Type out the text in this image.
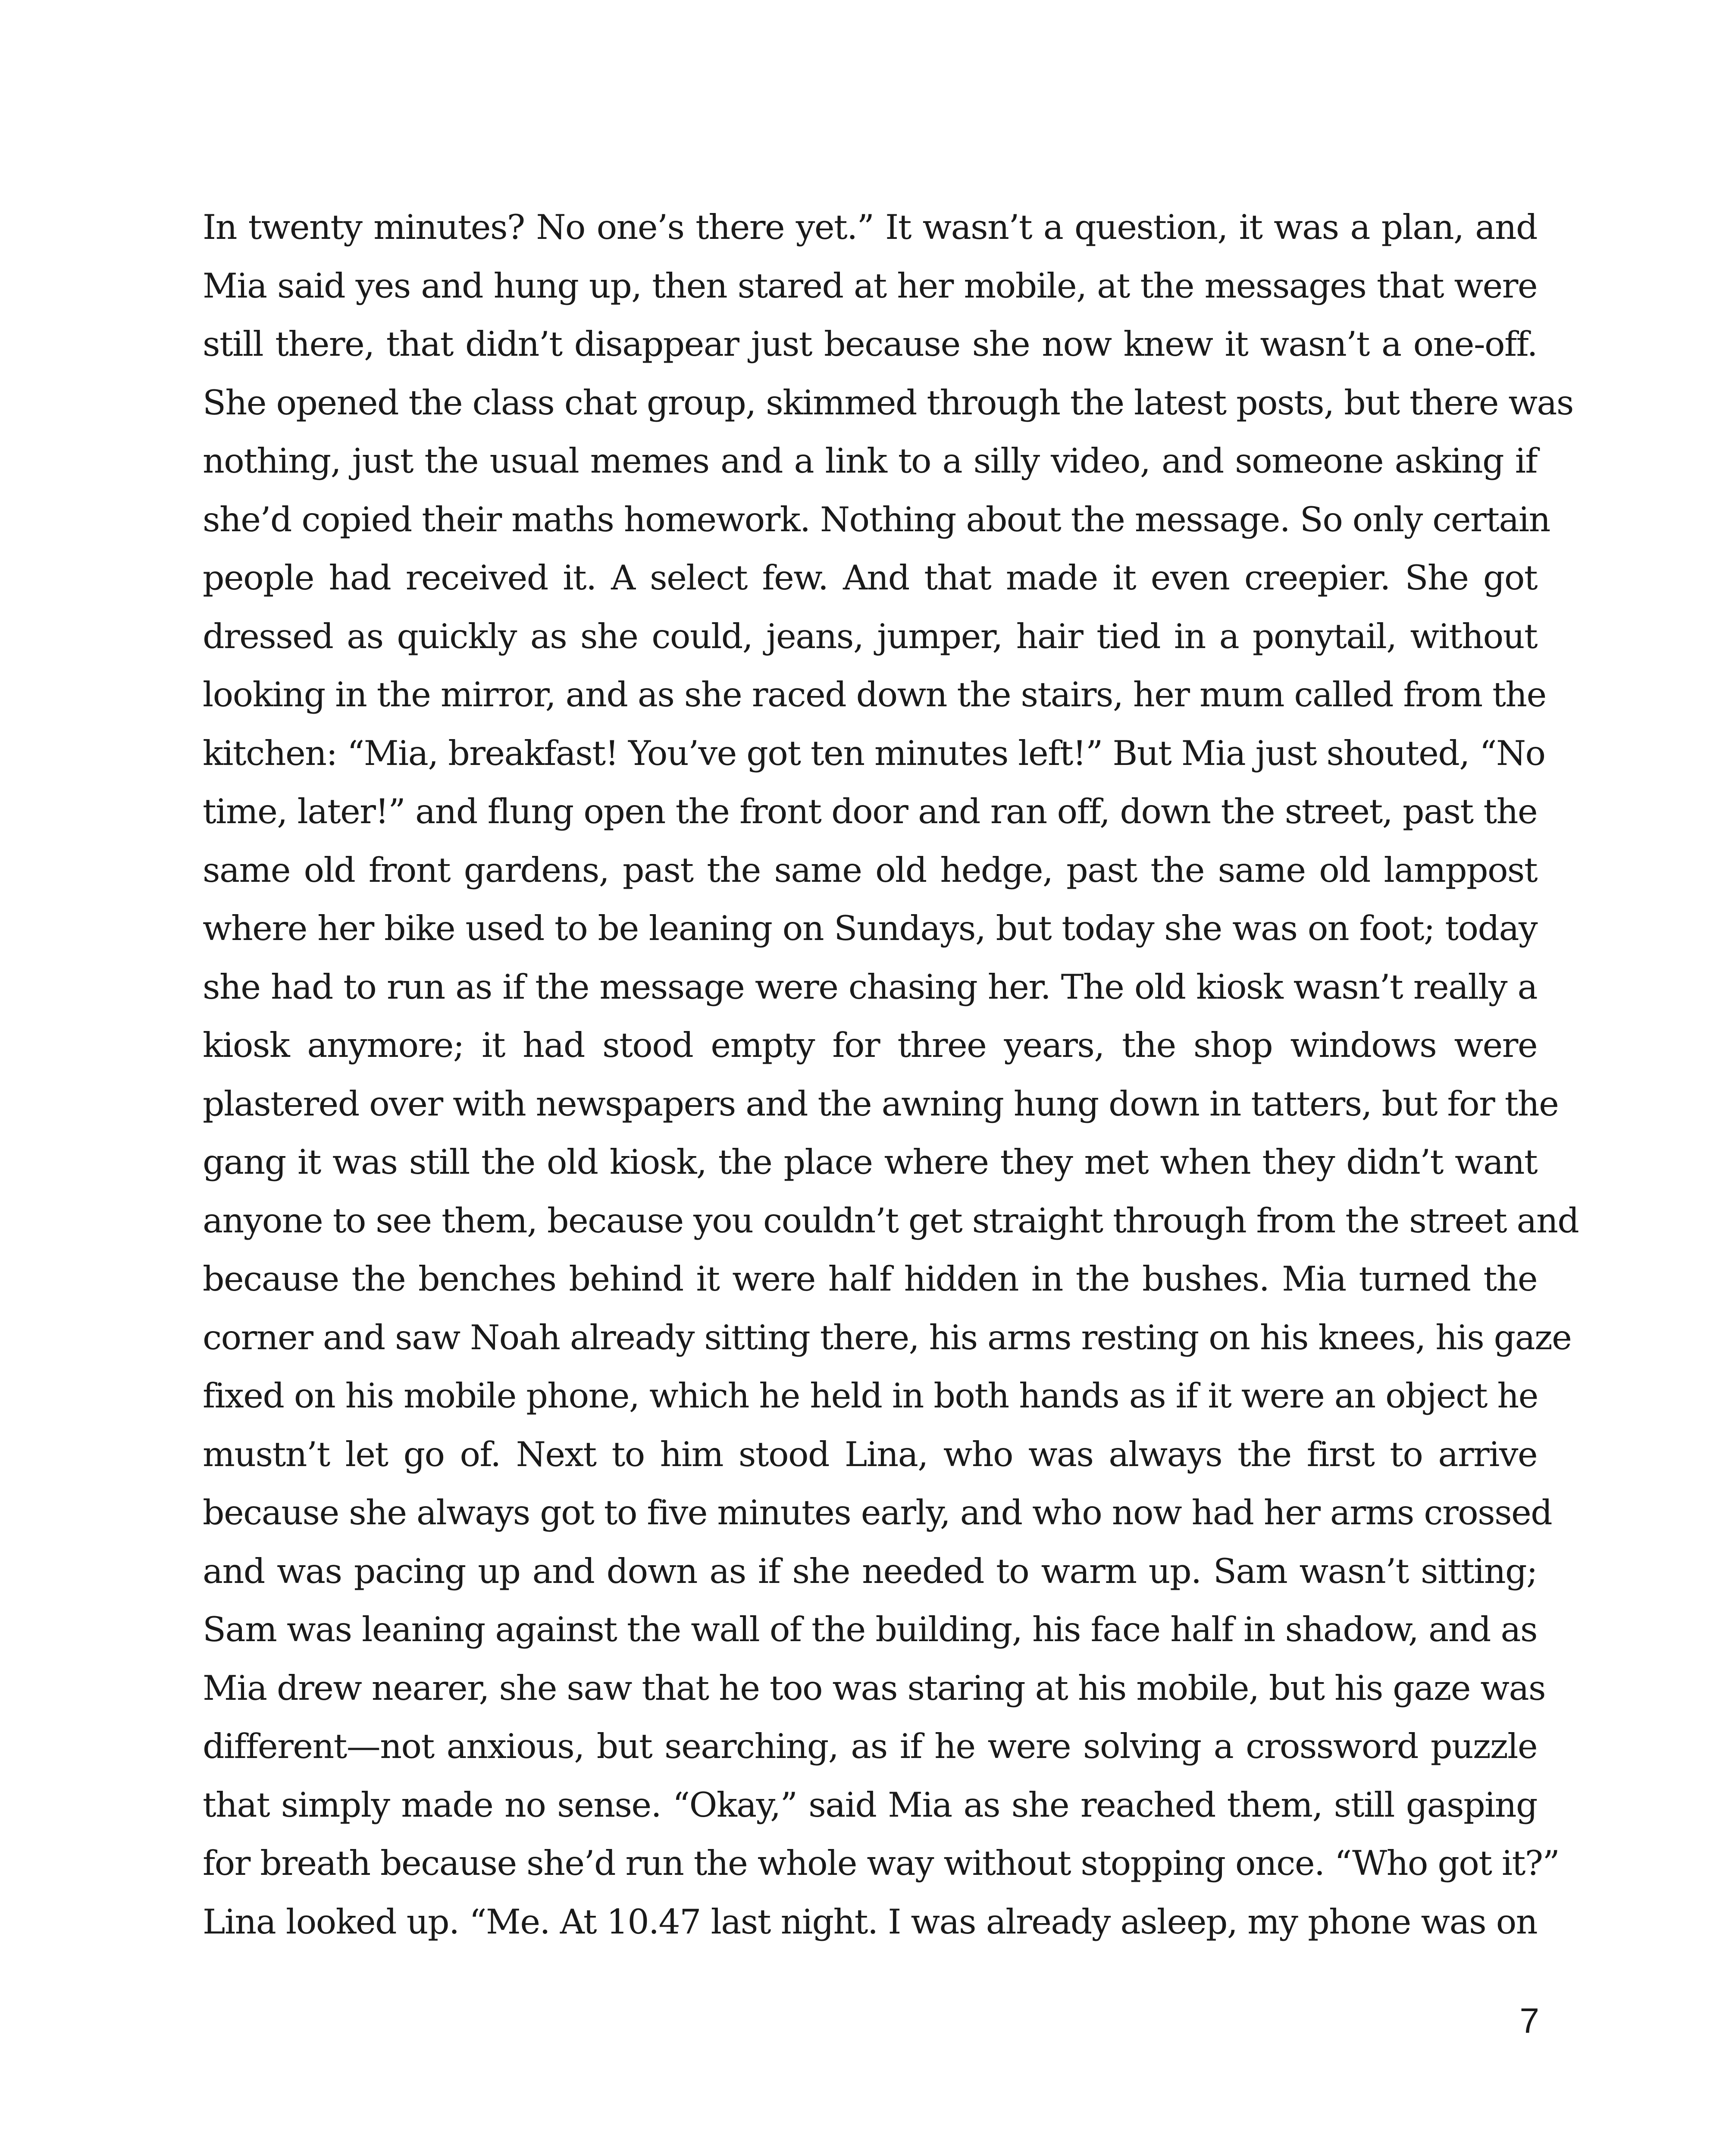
In twenty minutes? No one’s there yet.” It wasn’t a question, it was a plan, and
Mia said yes and hung up, then stared at her mobile, at the messages that were
still there, that didn’t disappear just because she now knew it wasn’t a one-off.
She opened the class chat group, skimmed through the latest posts, but there was
nothing, just the usual memes and a link to a silly video, and someone asking if
she’d copied their maths homework. Nothing about the message. So only certain
people had received it. A select few. And that made it even creepier. She got
dressed as quickly as she could, jeans, jumper, hair tied in a ponytail, without
looking in the mirror, and as she raced down the stairs, her mum called from the
kitchen: “Mia, breakfast! You’ve got ten minutes left!” But Mia just shouted, “No
time, later!” and flung open the front door and ran off, down the street, past the
same old front gardens, past the same old hedge, past the same old lamppost
where her bike used to be leaning on Sundays, but today she was on foot; today
she had to run as if the message were chasing her. The old kiosk wasn’t really a
kiosk anymore; it had stood empty for three years, the shop windows were
plastered over with newspapers and the awning hung down in tatters, but for the
gang it was still the old kiosk, the place where they met when they didn’t want
anyone to see them, because you couldn’t get straight through from the street and
because the benches behind it were half hidden in the bushes. Mia turned the
corner and saw Noah already sitting there, his arms resting on his knees, his gaze
fixed on his mobile phone, which he held in both hands as if it were an object he
mustn’t let go of. Next to him stood Lina, who was always the first to arrive
because she always got to five minutes early, and who now had her arms crossed
and was pacing up and down as if she needed to warm up. Sam wasn’t sitting;
Sam was leaning against the wall of the building, his face half in shadow, and as
Mia drew nearer, she saw that he too was staring at his mobile, but his gaze was
different—not anxious, but searching, as if he were solving a crossword puzzle
that simply made no sense. “Okay,” said Mia as she reached them, still gasping
for breath because she’d run the whole way without stopping once. “Who got it?”
Lina looked up. “Me. At 10.47 last night. I was already asleep, my phone was on
7
